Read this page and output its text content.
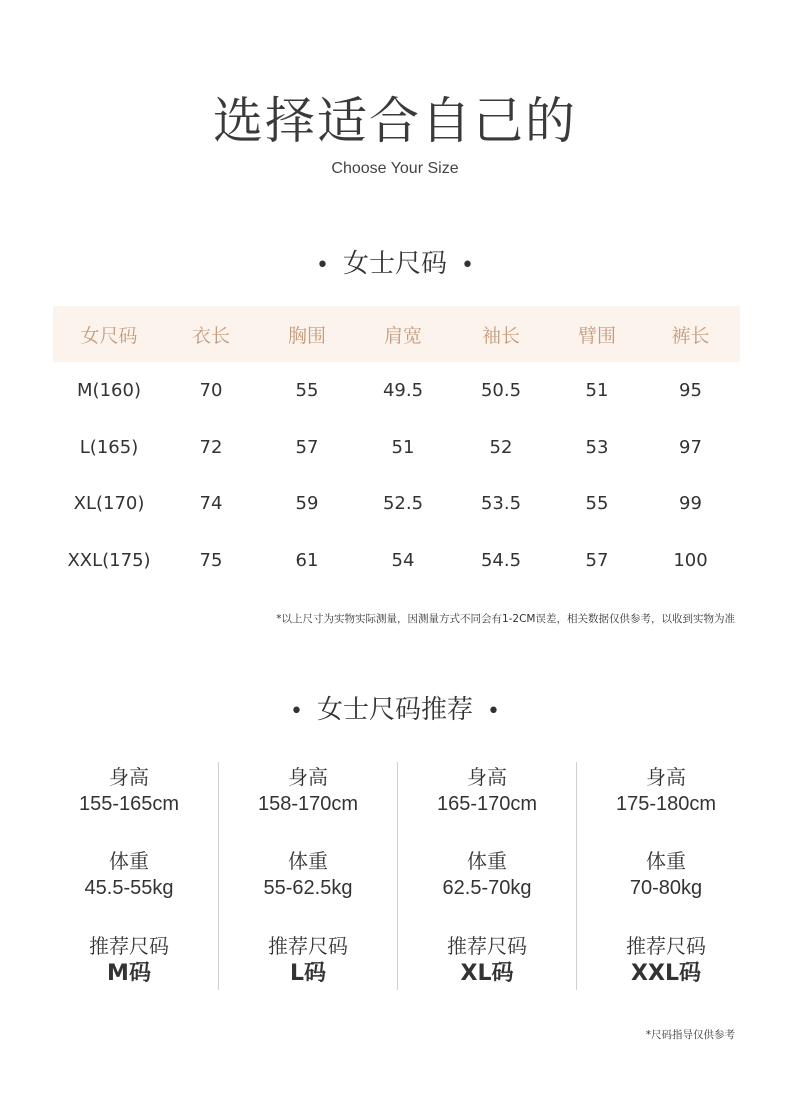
选择适合自己的
Choose Your Size
• 女士尺码 •
女尺码	衣长	胸围	肩宽	袖长	臂围	裤长
M(160)	70	55	49.5	50.5	51	95
L(165)	72	57	51	52	53	97
XL(170)	74	59	52.5	53.5	55	99
XXL(175)	75	61	54	54.5	57	100
*以上尺寸为实物实际测量，因测量方式不同会有1-2CM误差，相关数据仅供参考，以收到实物为准
• 女士尺码推荐 •
身高
155-165cm
体重
45.5-55kg
推荐尺码
M码
身高
158-170cm
体重
55-62.5kg
推荐尺码
L码
身高
165-170cm
体重
62.5-70kg
推荐尺码
XL码
身高
175-180cm
体重
70-80kg
推荐尺码
XXL码
*尺码指导仅供参考
